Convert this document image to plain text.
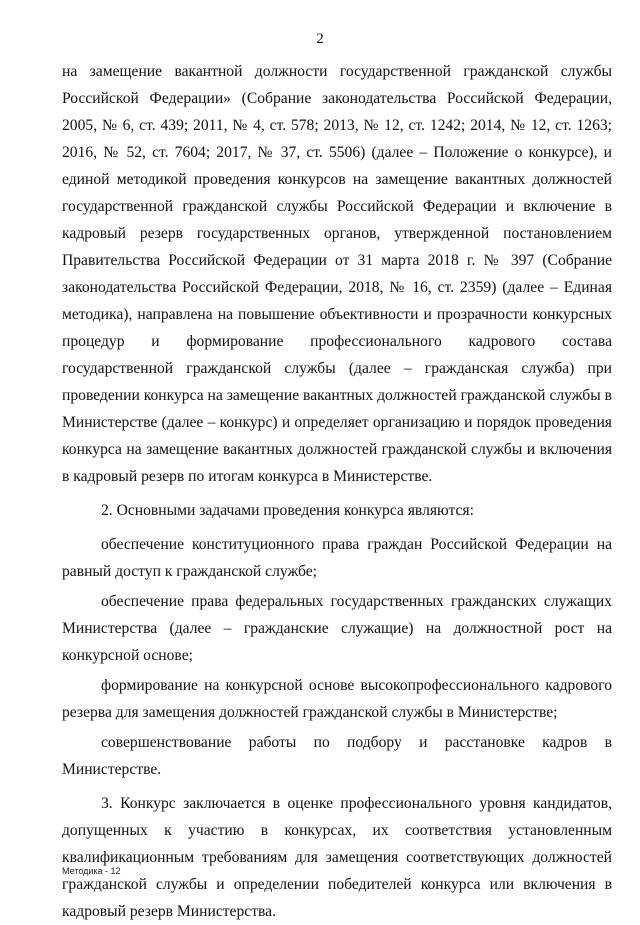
2

на замещение вакантной должности государственной гражданской службы Российской Федерации» (Собрание законодательства Российской Федерации, 2005, № 6, ст. 439; 2011, № 4, ст. 578; 2013, № 12, ст. 1242; 2014, № 12, ст. 1263; 2016, № 52, ст. 7604; 2017, № 37, ст. 5506) (далее – Положение о конкурсе), и единой методикой проведения конкурсов на замещение вакантных должностей государственной гражданской службы Российской Федерации и включение в кадровый резерв государственных органов, утвержденной постановлением Правительства Российской Федерации от 31 марта 2018 г. № 397 (Собрание законодательства Российской Федерации, 2018, № 16, ст. 2359) (далее – Единая методика), направлена на повышение объективности и прозрачности конкурсных процедур и формирование профессионального кадрового состава государственной гражданской службы (далее – гражданская служба) при проведении конкурса на замещение вакантных должностей гражданской службы в Министерстве (далее – конкурс) и определяет организацию и порядок проведения конкурса на замещение вакантных должностей гражданской службы и включения в кадровый резерв по итогам конкурса в Министерстве.

2. Основными задачами проведения конкурса являются:

обеспечение конституционного права граждан Российской Федерации на равный доступ к гражданской службе;

обеспечение права федеральных государственных гражданских служащих Министерства (далее – гражданские служащие) на должностной рост на конкурсной основе;

формирование на конкурсной основе высокопрофессионального кадрового резерва для замещения должностей гражданской службы в Министерстве;

совершенствование работы по подбору и расстановке кадров в Министерстве.

3. Конкурс заключается в оценке профессионального уровня кандидатов, допущенных к участию в конкурсах, их соответствия установленным квалификационным требованиям для замещения соответствующих должностей гражданской службы и определении победителей конкурса или включения в кадровый резерв Министерства.

Методика - 12
